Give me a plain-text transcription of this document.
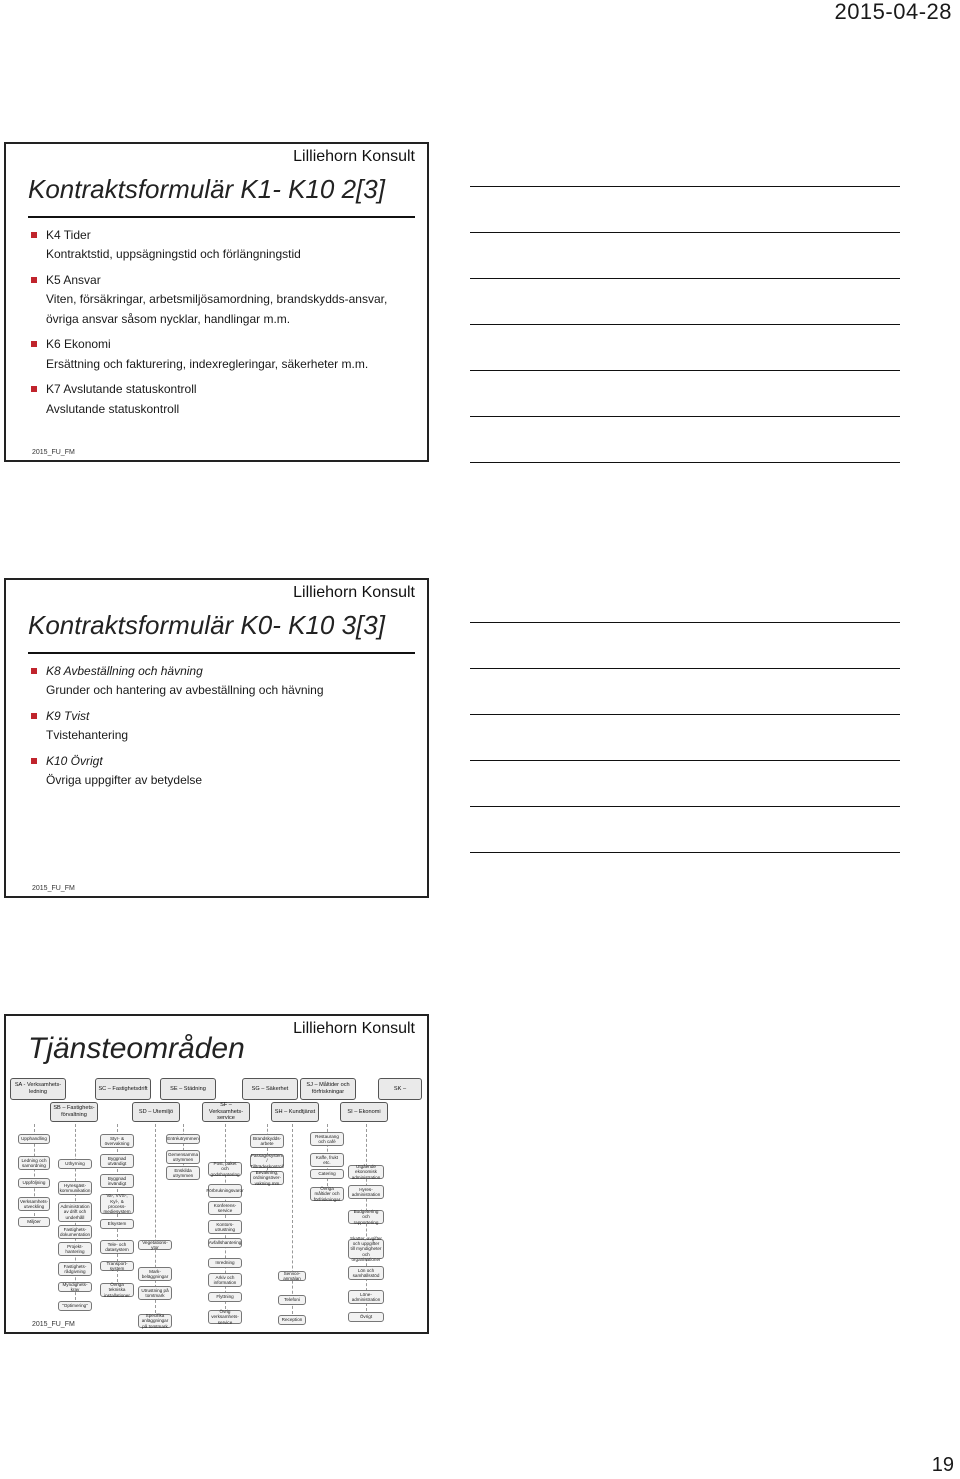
2015-04-28
Lilliehorn Konsult
Kontraktsformulär K1- K10 2[3]
K4 Tider
Kontraktstid, uppsägningstid och förlängningstid
K5 Ansvar
Viten, försäkringar, arbetsmiljösamordning, brandskydds-ansvar, övriga ansvar såsom nycklar, handlingar m.m.
K6 Ekonomi
Ersättning och fakturering, indexregleringar, säkerheter m.m.
K7 Avslutande statuskontroll
Avslutande statuskontroll
2015_FU_FM
Lilliehorn Konsult
Kontraktsformulär K0- K10 3[3]
K8 Avbeställning och hävning
Grunder och hantering av avbeställning och hävning
K9 Tvist
Tvistehantering
K10 Övrigt
Övriga uppgifter av betydelse
2015_FU_FM
Lilliehorn Konsult
Tjänsteområden
SA - Verksamhets-ledning
SC – Fastighetsdrift	SE – Städning	SG – Säkerhet
SJ – Måltider och förfriskningar
SK –
SB – Fastighets-förvaltning
SD – Utemiljö
SF – Verksamhets-service
SH – Kundtjänst	SI – Ekonomi
Upphandling
Ledning och samordning
Uppföljning
Verksamhets-utveckling
Miljöer
Uthyrning
Hyresgäst-kommunikation
Administration av drift och underhåll
Fastighets-dokumentation
Projekt-hantering
Fastighets-rådgivning
Myndighets-krav
"Optimering"
Styr- & övervakning
Byggnad utvändigt
Byggnad invändigt
Va-, VVS-, Kyl-, & process-mediesystem
Elsystem
Tele- och datasystem
Transport-system
Övriga tekniska installationer
Vegetations-ytor
Mark-beläggningar
Utrustning på tomtmark
Specifika anläggningar på tomtmark
Entréutrymmen
Gemensamma utrymmen
Enskilda utrymmen
Post, paket och godshantering
Förbrukningsvaror
Konferens-service
Kontors-utrustning
Avfallshantering
Inredning
Arkiv och information
Flyttning
Övrig verksamhets-service
Brandskydds-arbete
Passagesystem / Tillträdeskontroll
Bevakning, ordningsöver-vakning mm
Service-anmälan
Telefoni
Reception
Restaurang och café
Kaffe, frukt etc.
Catering
Övriga måltider och förfriskningar
Utgående ekonomisk administration
Hyres-administration
Budgetering och rapportering
Skatter, avgifter och uppgifter till myndigheter och organisationer
Lön och samhällsstöd
Löne-administration
Övrigt
2015_FU_FM
19
